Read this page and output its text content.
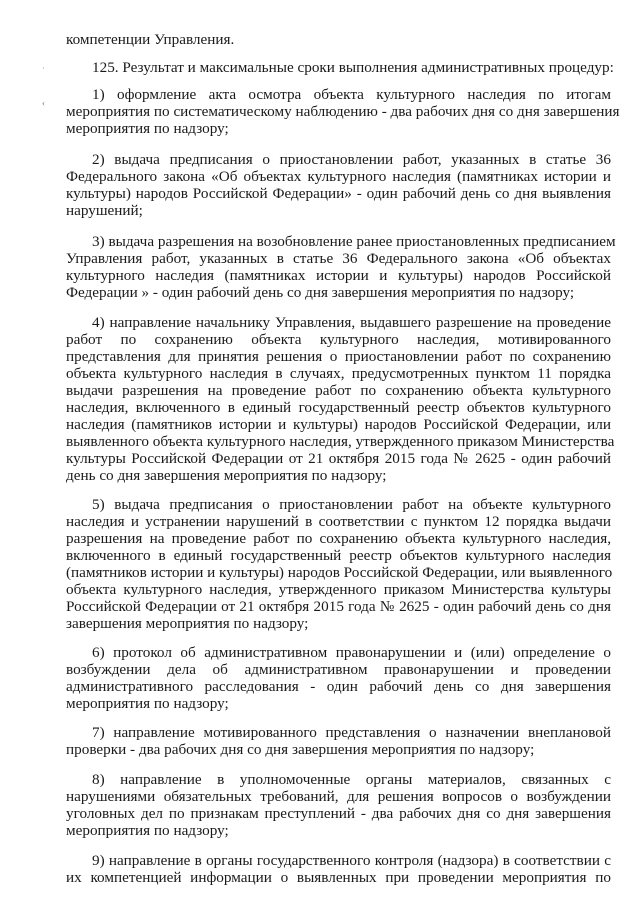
˙
‹

компетенции Управления.

125. Результат и максимальные сроки выполнения административных процедур:

1) оформление акта осмотра объекта культурного наследия по итогам

мероприятия по систематическому наблюдению - два рабочих дня со дня завершения

мероприятия по надзору;

2) выдача предписания о приостановлении работ, указанных в статье 36

Федерального закона «Об объектах культурного наследия (памятниках истории и

культуры) народов Российской Федерации» - один рабочий день со дня выявления

нарушений;

3) выдача разрешения на возобновление ранее приостановленных предписанием

Управления работ, указанных в статье 36 Федерального закона «Об объектах

культурного наследия (памятниках истории и культуры) народов Российской

Федерации » - один рабочий день со дня завершения мероприятия по надзору;

4) направление начальнику Управления, выдавшего разрешение на проведение

работ по сохранению объекта культурного наследия, мотивированного

представления для принятия решения о приостановлении работ по сохранению

объекта культурного наследия в случаях, предусмотренных пунктом 11 порядка

выдачи разрешения на проведение работ по сохранению объекта культурного

наследия, включенного в единый государственный реестр объектов культурного

наследия (памятников истории и культуры) народов Российской Федерации, или

выявленного объекта культурного наследия, утвержденного приказом Министерства

культуры Российской Федерации от 21 октября 2015 года № 2625 - один рабочий

день со дня завершения мероприятия по надзору;

5) выдача предписания о приостановлении работ на объекте культурного

наследия и устранении нарушений в соответствии с пунктом 12 порядка выдачи

разрешения на проведение работ по сохранению объекта культурного наследия,

включенного в единый государственный реестр объектов культурного наследия

(памятников истории и культуры) народов Российской Федерации, или выявленного

объекта культурного наследия, утвержденного приказом Министерства культуры

Российской Федерации от 21 октября 2015 года № 2625 - один рабочий день со дня

завершения мероприятия по надзору;

6) протокол об административном правонарушении и (или) определение о

возбуждении дела об административном правонарушении и проведении

административного расследования - один рабочий день со дня завершения

мероприятия по надзору;

7) направление мотивированного представления о назначении внеплановой

проверки - два рабочих дня со дня завершения мероприятия по надзору;

8) направление в уполномоченные органы материалов, связанных с

нарушениями обязательных требований, для решения вопросов о возбуждении

уголовных дел по признакам преступлений - два рабочих дня со дня завершения

мероприятия по надзору;

9) направление в органы государственного контроля (надзора) в соответствии с

их компетенцией информации о выявленных при проведении мероприятия по
